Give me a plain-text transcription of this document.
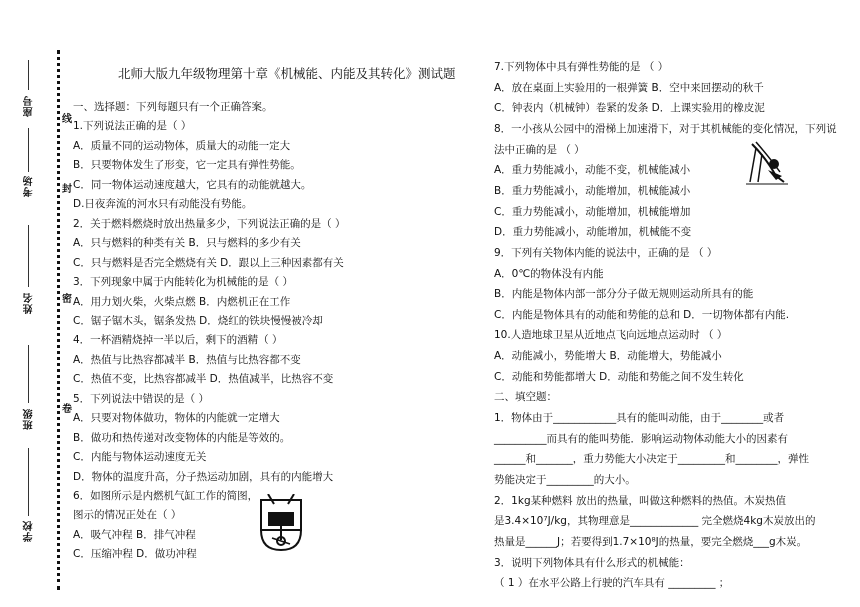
座号
考场
姓名
班级
学校
线
封
密
卷
北师大版九年级物理第十章《机械能、内能及其转化》测试题
一、选择题：下列每题只有一个正确答案。
1.下列说法正确的是（ ）
A．质量不同的运动物体，质量大的动能一定大
B．只要物体发生了形变，它一定具有弹性势能。
C．同一物体运动速度越大，它具有的动能就越大。
D.日夜奔流的河水只有动能没有势能。
2．关于燃料燃烧时放出热量多少，下列说法正确的是（ ）
A．只与燃料的种类有关 B．只与燃料的多少有关
C．只与燃料是否完全燃烧有关 D．跟以上三种因素都有关
3．下列现象中属于内能转化为机械能的是（ ）
A．用力划火柴，火柴点燃 B．内燃机正在工作
C．锯子锯木头，锯条发热 D．烧红的铁块慢慢被冷却
4．一杯酒精烧掉一半以后，剩下的酒精（ ）
A．热值与比热容都减半 B．热值与比热容都不变
C．热值不变，比热容都减半 D．热值减半，比热容不变
5．下列说法中错误的是（ ）
A．只要对物体做功，物体的内能就一定增大
B．做功和热传递对改变物体的内能是等效的。
C．内能与物体运动速度无关
D．物体的温度升高，分子热运动加剧，具有的内能增大
6．如图所示是内燃机气缸工作的简图，
图示的情况正处在（ ）
A．吸气冲程 B．排气冲程
C．压缩冲程 D．做功冲程
7.下列物体中具有弹性势能的是 （ ）
A．放在桌面上实验用的一根弹簧 B．空中来回摆动的秋千
C．钟表内（机械钟）卷紧的发条 D．上课实验用的橡皮泥
8．一小孩从公园中的滑梯上加速滑下，对于其机械能的变化情况，下列说
法中正确的是 （ ）
A．重力势能减小，动能不变，机械能减小
B．重力势能减小，动能增加，机械能减小
C．重力势能减小，动能增加，机械能增加
D．重力势能减小，动能增加，机械能不变
9．下列有关物体内能的说法中，正确的是 （ ）
A．0℃的物体没有内能
B．内能是物体内部一部分分子做无规则运动所具有的能
C．内能是物体具有的动能和势能的总和 D．一切物体都有内能.
10.人造地球卫星从近地点飞向远地点运动时 （ ）
A．动能减小，势能增大 B．动能增大，势能减小
C．动能和势能都增大 D．动能和势能之间不发生转化
二、填空题：
1．物体由于____________具有的能叫动能，由于________或者
__________而具有的能叫势能．影响运动物体动能大小的因素有
______和_______，重力势能大小决定于_________和________，弹性
势能决定于_________的大小。
2．1kg某种燃料 放出的热量，叫做这种燃料的热值。木炭热值
是3.4×10⁷J/kg，其物理意是_____________ 完全燃烧4kg木炭放出的
热量是______J；若要得到1.7×10⁸J的热量，要完全燃烧___g木炭。
3．说明下列物体具有什么形式的机械能：
（ 1 ）在水平公路上行驶的汽车具有 _________ ；
